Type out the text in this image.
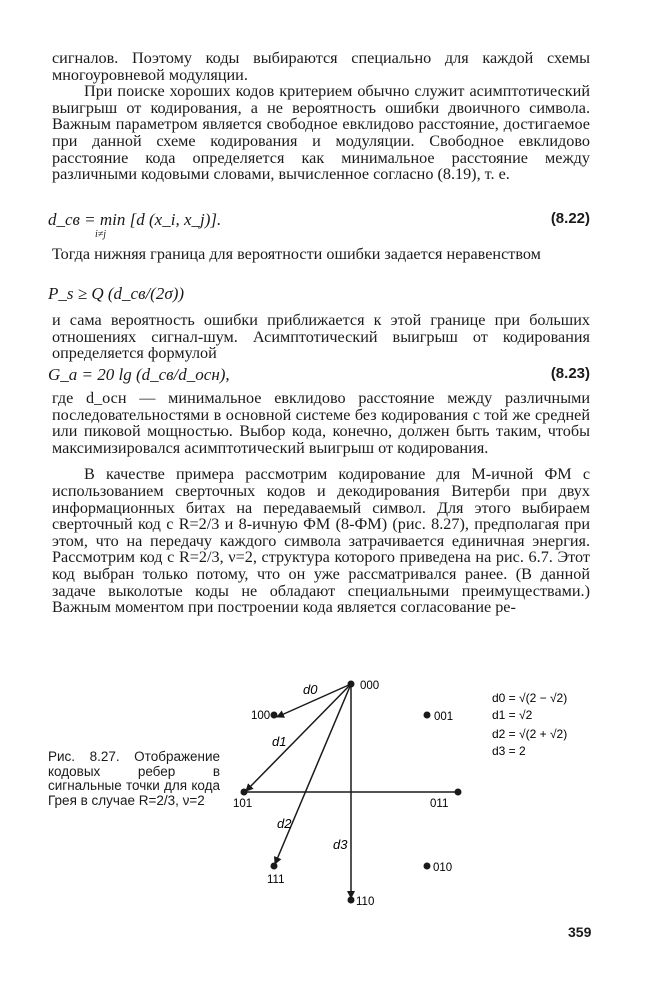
сигналов. Поэтому коды выбираются специально для каждой схемы многоуровневой модуляции.

При поиске хороших кодов критерием обычно служит асимптотический выигрыш от кодирования, а не вероятность ошибки двоичного символа. Важным параметром является свободное евклидово расстояние, достигаемое при данной схеме кодирования и модуляции. Свободное евклидово расстояние кода определяется как минимальное расстояние между различными кодовыми словами, вычисленное согласно (8.19), т. е.

d_св = min [d (x_i, x_j)].
i≠j
(8.22)

Тогда нижняя граница для вероятности ошибки задается неравенством

P_s ≥ Q (d_св/(2σ))

и сама вероятность ошибки приближается к этой границе при больших отношениях сигнал-шум. Асимптотический выигрыш от кодирования определяется формулой

G_a = 20 lg (d_св/d_осн),	(8.23)

где d_осн — минимальное евклидово расстояние между различными последовательностями в основной системе без кодирования с той же средней или пиковой мощностью. Выбор кода, конечно, должен быть таким, чтобы максимизировался асимптотический выигрыш от кодирования.

В качестве примера рассмотрим кодирование для М-ичной ФМ с использованием сверточных кодов и декодирования Витерби при двух информационных битах на передаваемый символ. Для этого выбираем сверточный код с R=2/3 и 8-ичную ФМ (8-ФМ) (рис. 8.27), предполагая при этом, что на передачу каждого символа затрачивается единичная энергия. Рассмотрим код с R=2/3, ν=2, структура которого приведена на рис. 6.7. Этот код выбран только потому, что он уже рассматривался ранее. (В данной задаче выколотые коды не обладают специальными преимуществами.) Важным моментом при построении кода является согласование ре-

000
100	001
101	011
111
010
110
d0
d1
d2
d3
d0 = √(2 − √2)
d1 = √2
d2 = √(2 + √2)
d3 = 2
Рис. 8.27. Отображение кодовых ребер в сигнальные точки для кода Грея в случае R=2/3, ν=2
359
